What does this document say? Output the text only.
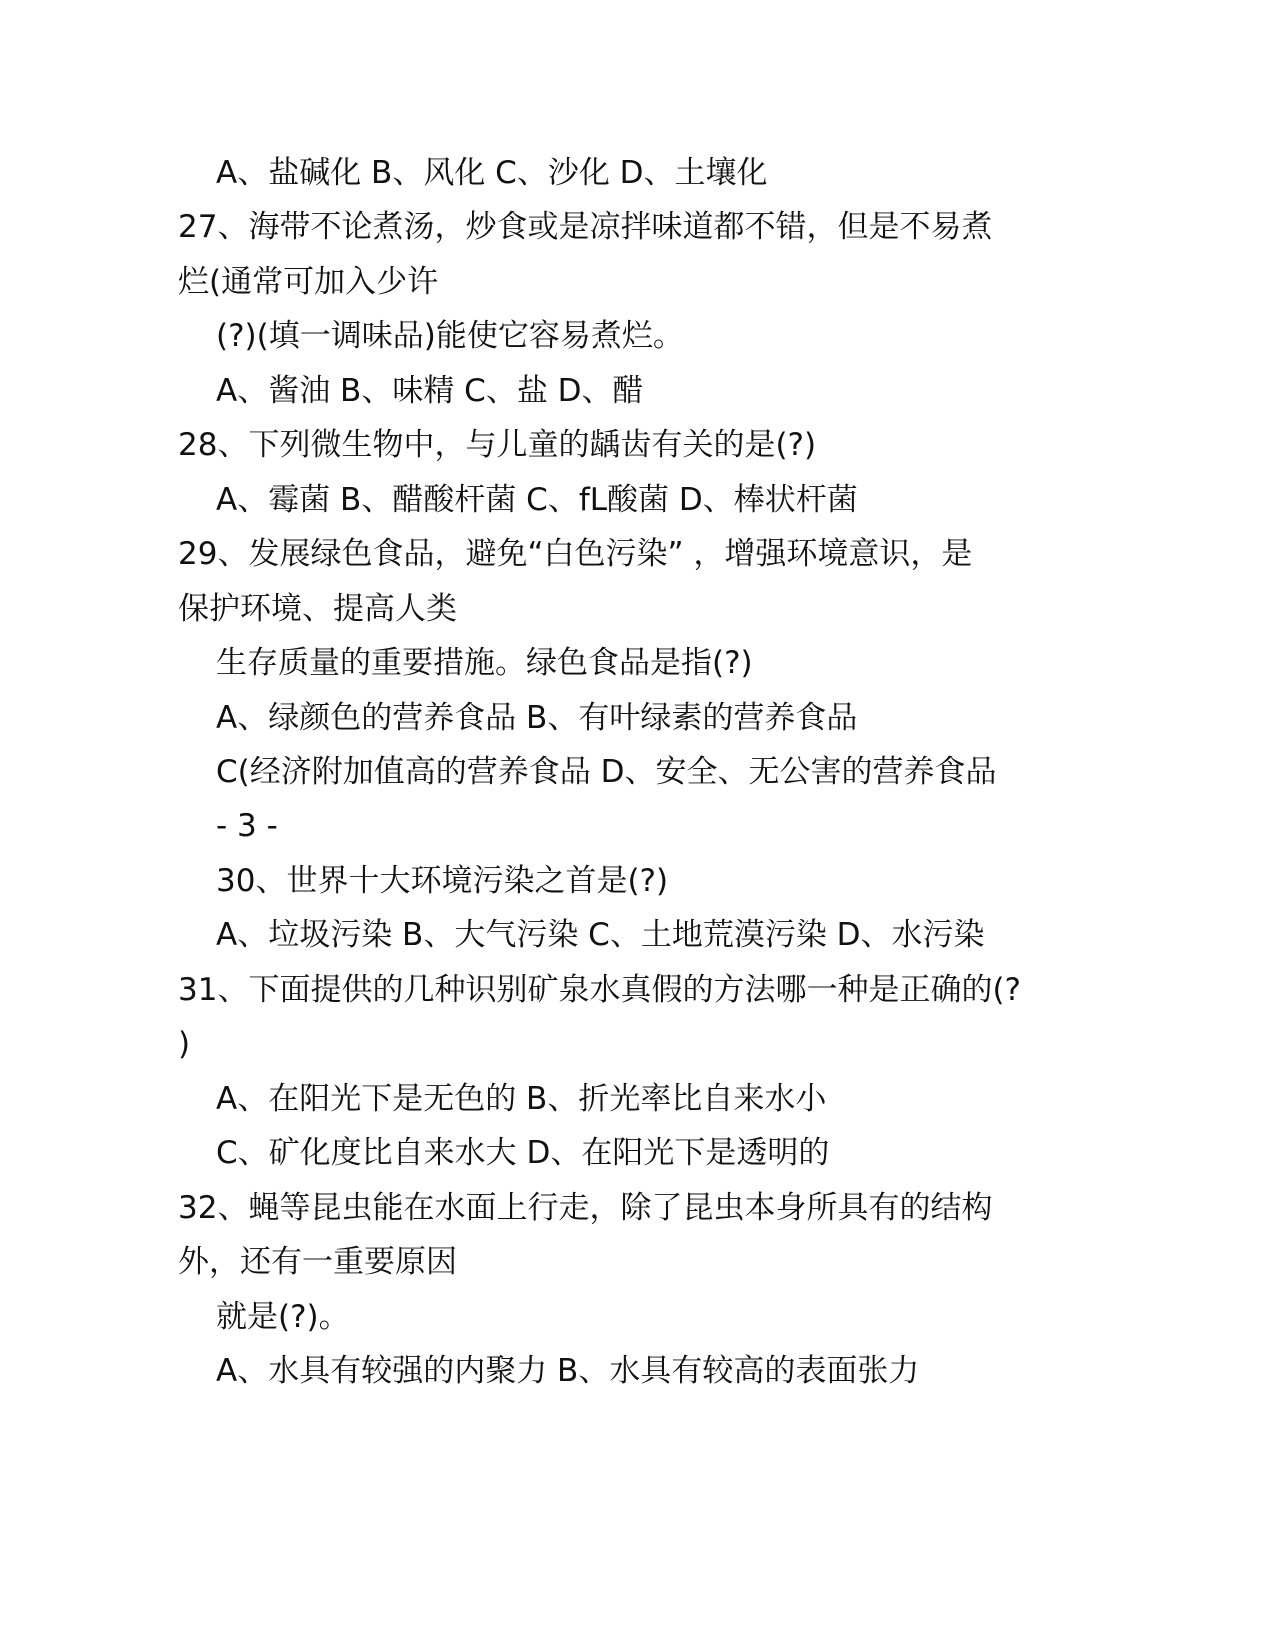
A、盐碱化 B、风化 C、沙化 D、土壤化
27、海带不论煮汤，炒食或是凉拌味道都不错，但是不易煮
烂(通常可加入少许
(?)(填一调味品)能使它容易煮烂。
A、酱油 B、味精 C、盐 D、醋
28、下列微生物中，与儿童的龋齿有关的是(?)
A、霉菌 B、醋酸杆菌 C、fL酸菌 D、棒状杆菌
29、发展绿色食品，避免“白色污染” ，增强环境意识，是
保护环境、提高人类
生存质量的重要措施。绿色食品是指(?)
A、绿颜色的营养食品 B、有叶绿素的营养食品
C(经济附加值高的营养食品 D、安全、无公害的营养食品
- 3 -
30、世界十大环境污染之首是(?)
A、垃圾污染 B、大气污染 C、土地荒漠污染 D、水污染
31、下面提供的几种识别矿泉水真假的方法哪一种是正确的(?
)
A、在阳光下是无色的 B、折光率比自来水小
C、矿化度比自来水大 D、在阳光下是透明的
32、蝇等昆虫能在水面上行走，除了昆虫本身所具有的结构
外，还有一重要原因
就是(?)。
A、水具有较强的内聚力 B、水具有较高的表面张力
